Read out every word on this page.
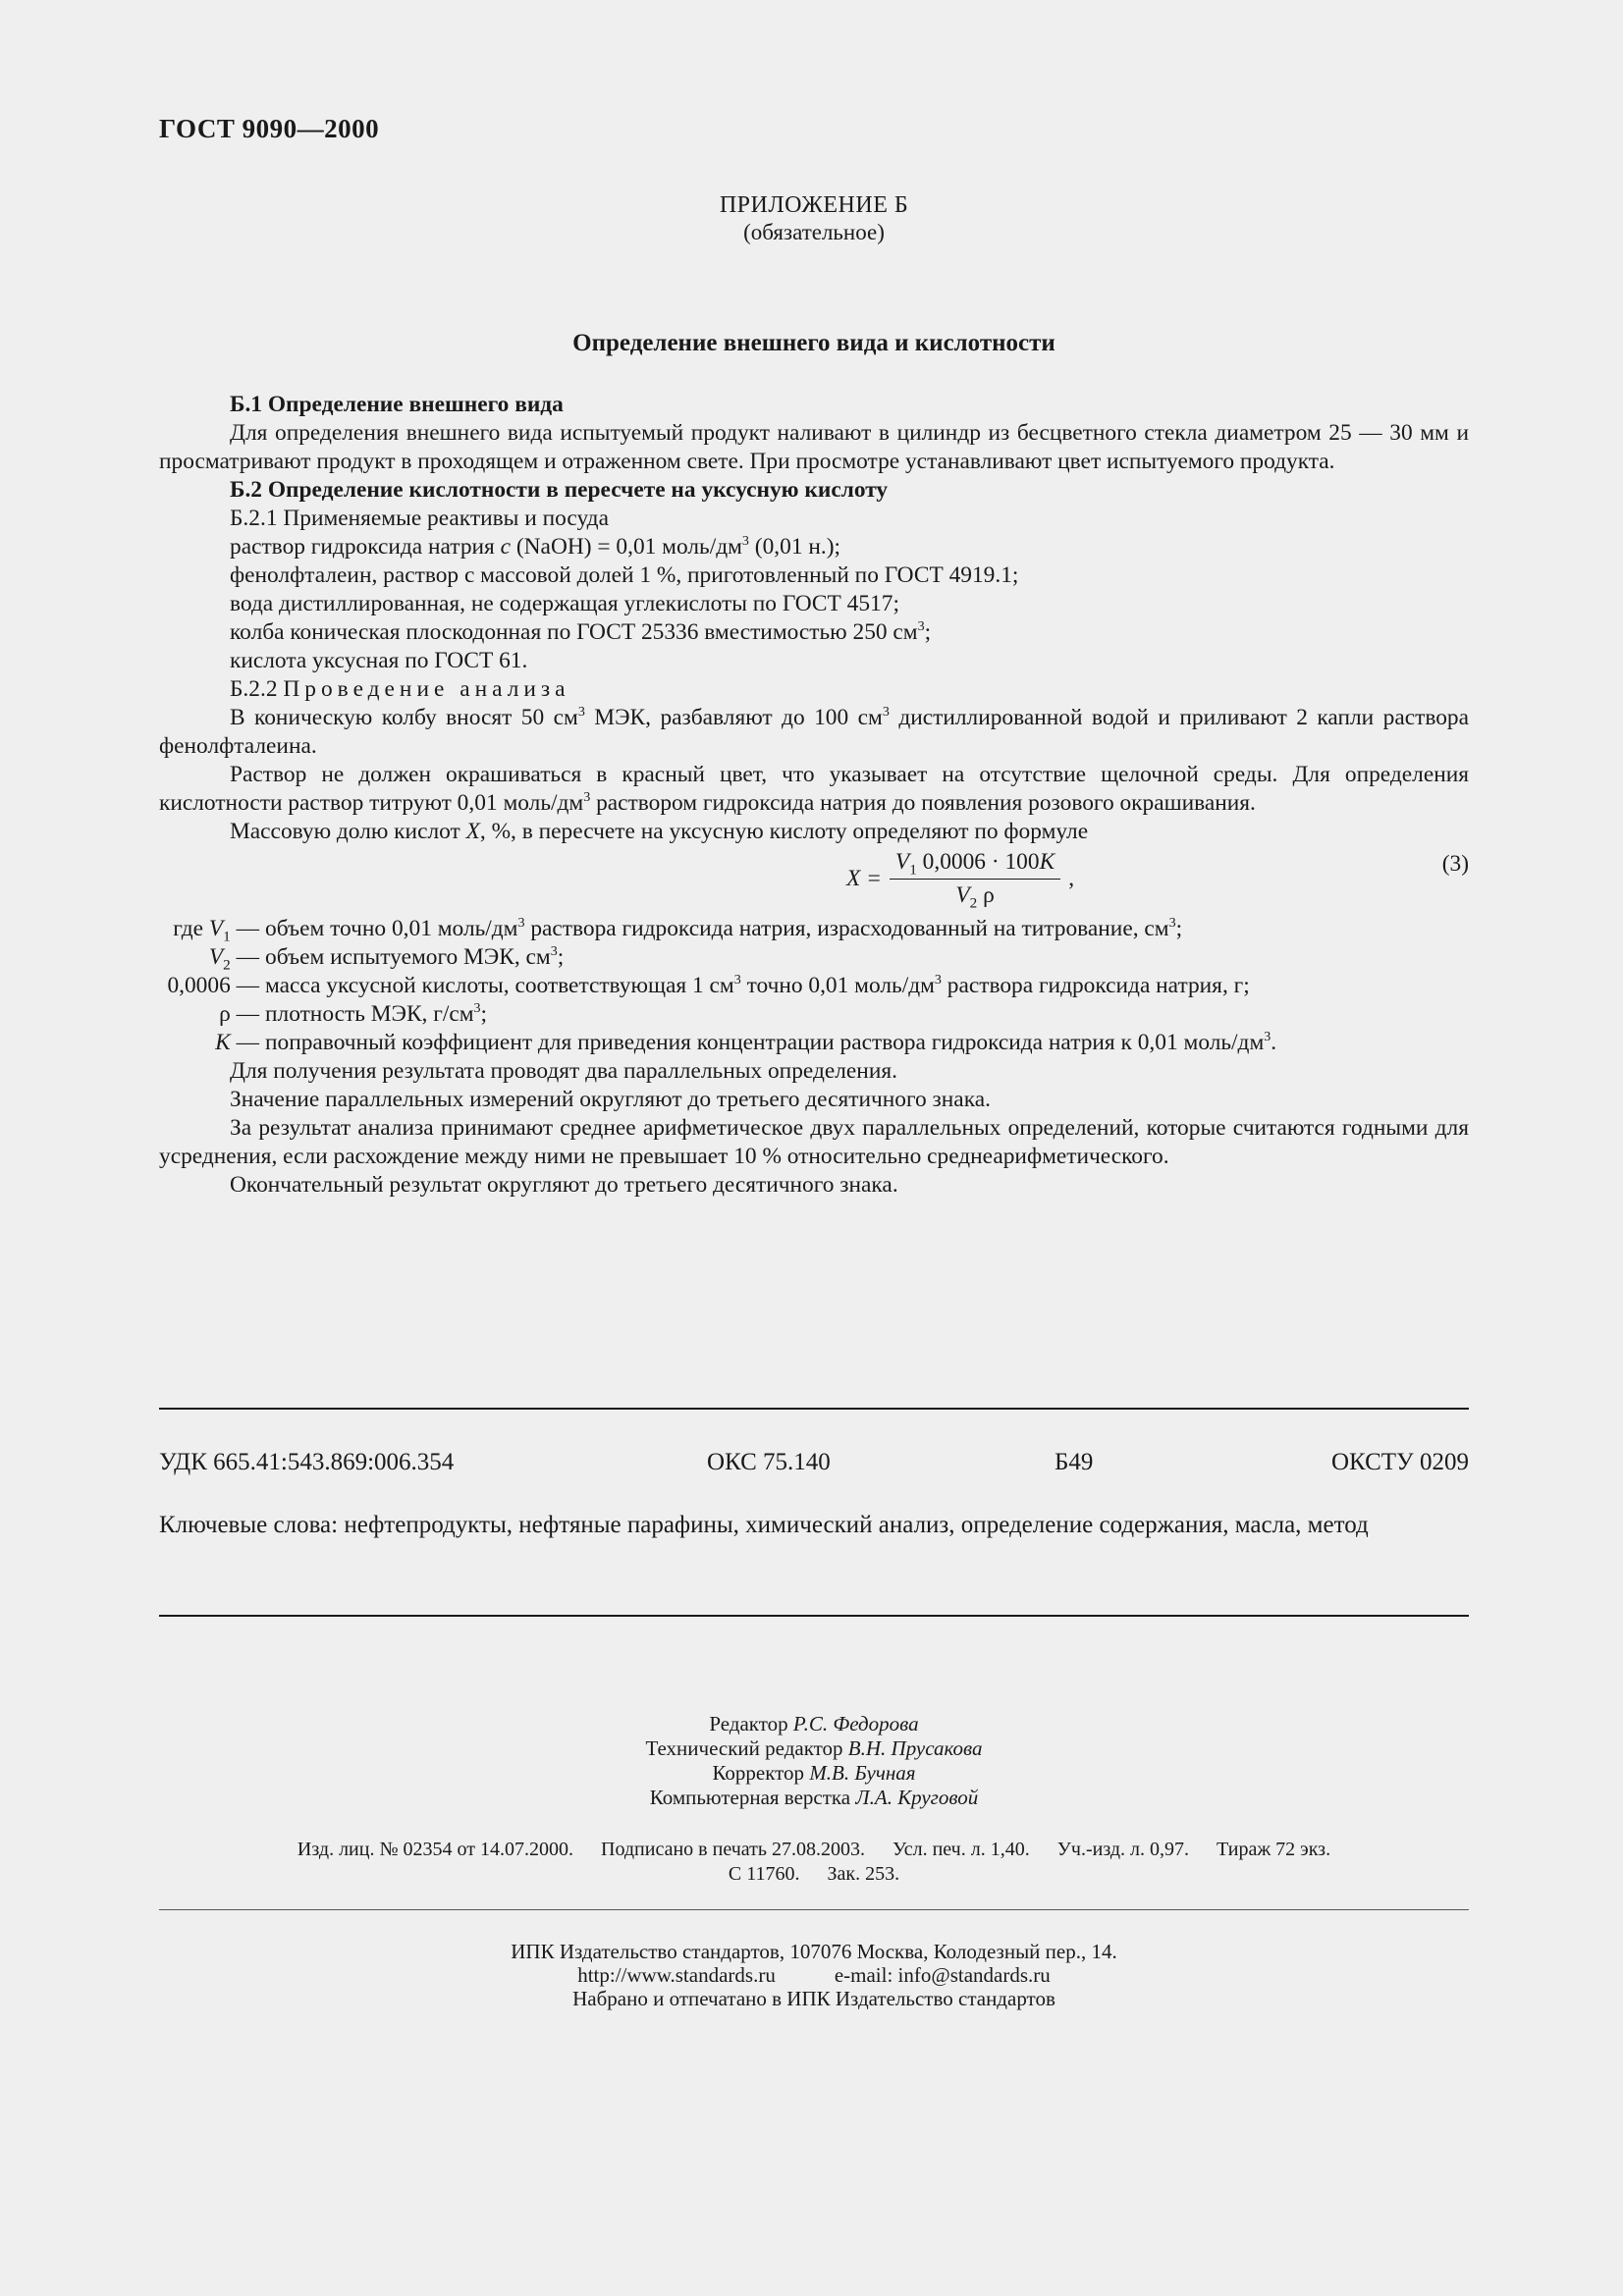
ГОСТ 9090—2000
ПРИЛОЖЕНИЕ Б
(обязательное)
Определение внешнего вида и кислотности

Б.1 Определение внешнего вида

Для определения внешнего вида испытуемый продукт наливают в цилиндр из бесцветного стекла диаметром 25 — 30 мм и просматривают продукт в проходящем и отраженном свете. При просмотре устанавливают цвет испытуемого продукта.

Б.2 Определение кислотности в пересчете на уксусную кислоту

Б.2.1 Применяемые реактивы и посуда

раствор гидроксида натрия c (NaOH) = 0,01 моль/$дм^3$ (0,01 н.);

фенолфталеин, раствор с массовой долей 1 %, приготовленный по ГОСТ 4919.1;

вода дистиллированная, не содержащая углекислоты по ГОСТ 4517;

колба коническая плоскодонная по ГОСТ 25336 вместимостью 250 $см^3$;

кислота уксусная по ГОСТ 61.

Б.2.2 Проведение анализа

В коническую колбу вносят 50 $см^3$ МЭК, разбавляют до 100 $см^3$ дистиллированной водой и приливают 2 капли раствора фенолфталеина.

Раствор не должен окрашиваться в красный цвет, что указывает на отсутствие щелочной среды. Для определения кислотности раствор титруют 0,01 моль/$дм^3$ раствором гидроксида натрия до появления розового окрашивания.

Массовую долю кислот X, %, в пересчете на уксусную кислоту определяют по формуле

$X = \frac{V_1 0,0006 \cdot 100K}{V_2 \rho}$ ,
(3)
где $V_1$ — объем точно 0,01 моль/$дм^3$ раствора гидроксида натрия, израсходованный на титрование, $см^3$;
$V_2$ — объем испытуемого МЭК, $см^3$;
0,0006 — масса уксусной кислоты, соответствующая 1 $см^3$ точно 0,01 моль/$дм^3$ раствора гидроксида натрия, г;
ρ — плотность МЭК, $г/см^3$;
K — поправочный коэффициент для приведения концентрации раствора гидроксида натрия к 0,01 моль/$дм^3$.

Для получения результата проводят два параллельных определения.

Значение параллельных измерений округляют до третьего десятичного знака.

За результат анализа принимают среднее арифметическое двух параллельных определений, которые считаются годными для усреднения, если расхождение между ними не превышает 10 % относительно среднеарифметического.

Окончательный результат округляют до третьего десятичного знака.

УДК 665.41:543.869:006.354	ОКС 75.140	Б49	ОКСТУ 0209
Ключевые слова: нефтепродукты, нефтяные парафины, химический анализ, определение содержания, масла, метод
Редактор Р.С. Федорова
Технический редактор В.Н. Прусакова
Корректор М.В. Бучная
Компьютерная верстка Л.А. Круговой
Изд. лиц. № 02354 от 14.07.2000. Подписано в печать 27.08.2003. Усл. печ. л. 1,40. Уч.-изд. л. 0,97. Тираж 72 экз.
С 11760. Зак. 253.
ИПК Издательство стандартов, 107076 Москва, Колодезный пер., 14.
http://www.standards.ru	e-mail: info@standards.ru
Набрано и отпечатано в ИПК Издательство стандартов
